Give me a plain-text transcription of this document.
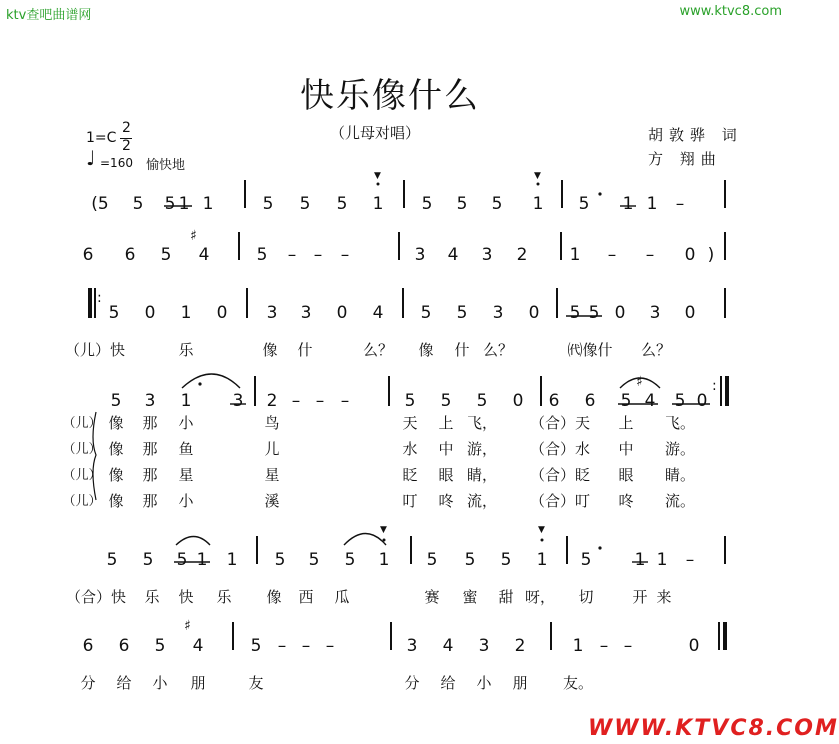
ktv查吧曲谱网	www.ktvc8.com
快乐像什么
（儿母对唱）
1=C
2
2
♩ =160 愉快地
胡敦骅 词
方 翔曲
(5 5 5 1 1	5 5 5 1 5 5 5 1 5 1 1 –
6 6 5 4	5 – – –	3 4 3 2 1 – – 0 )
5 0 1 0 3 3 0 4 5 5 3 0 5 5 0 3 0
（儿）快	乐	像 什	么？ 像 什 么？	㈹像什 么？
5 3 1 3 2 – – –	5 5 5 0 6 6 5 4 5 0
5 5 5 1 1 5 5 5 1 5 5 5 1 5	1 1 –
（合）快 乐 快 乐 像 西 瓜	赛 蜜 甜 呀， 切	开 来
6 6 5 4	5 – – –	3 4 3 2	1 – –	0
分 给 小 朋	友	分 给 小 朋 友。
（儿） 像 那 小	鸟	天 上 飞， （合）天 上 飞。
（儿） 像 那 鱼	儿	水 中 游， （合）水 中 游。
（儿） 像 那 星	星	眨 眼 睛， （合）眨 眼 睛。
（儿） 像 那 小	溪	叮 咚 流， （合）叮 咚 流。
:
:
▼	▼
▼	▼
♯
♯
♯
WWW.KTVC8.COM
